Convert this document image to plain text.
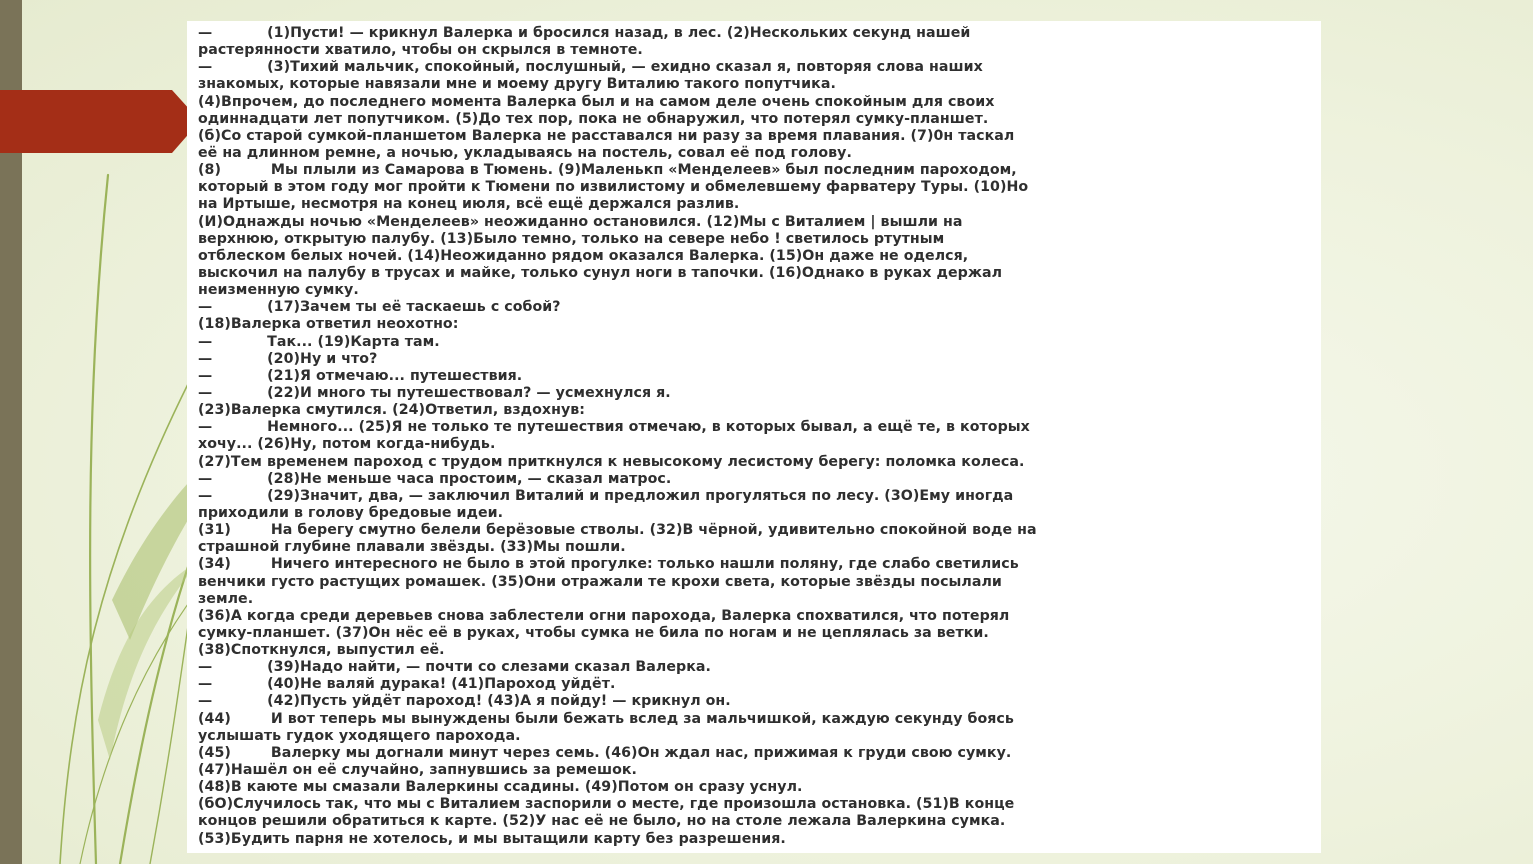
—           (1)Пусти! — крикнул Валерка и бросился назад, в лес. (2)Нескольких секунд нашей
растерянности хватило, чтобы он скрылся в темноте.
—           (3)Тихий мальчик, спокойный, послушный, — ехидно сказал я, повторяя слова наших
знакомых, которые навязали мне и моему другу Виталию такого попутчика.
(4)Впрочем, до последнего момента Валерка был и на самом деле очень спокойным для своих
одиннадцати лет попутчиком. (5)До тех пор, пока не обнаружил, что потерял сумку-планшет.
(б)Со старой сумкой-планшетом Валерка не расставался ни разу за время плавания. (7)0н таскал
её на длинном ремне, а ночью, укладываясь на постель, совал её под голову.
(8)          Мы плыли из Самарова в Тюмень. (9)Маленькп «Менделеев» был последним пароходом,
который в этом году мог пройти к Тюмени по извилистому и обмелевшему фарватеру Туры. (10)Но
на Иртыше, несмотря на конец июля, всё ещё держался разлив.
(И)Однажды ночью «Менделеев» неожиданно остановился. (12)Мы с Виталием | вышли на
верхнюю, открытую палубу. (13)Было темно, только на севере небо ! светилось ртутным
отблеском белых ночей. (14)Неожиданно рядом оказался Валерка. (15)Он даже не оделся,
выскочил на палубу в трусах и майке, только сунул ноги в тапочки. (16)Однако в руках держал
неизменную сумку.
—           (17)Зачем ты её таскаешь с собой?
(18)Валерка ответил неохотно:
—           Так... (19)Карта там.
—           (20)Ну и что?
—           (21)Я отмечаю... путешествия.
—           (22)И много ты путешествовал? — усмехнулся я.
(23)Валерка смутился. (24)Ответил, вздохнув:
—           Немного... (25)Я не только те путешествия отмечаю, в которых бывал, а ещё те, в которых
хочу... (26)Ну, потом когда-нибудь.
(27)Тем временем пароход с трудом приткнулся к невысокому лесистому берегу: поломка колеса.
—           (28)Не меньше часа простоим, — сказал матрос.
—           (29)Значит, два, — заключил Виталий и предложил прогуляться по лесу. (3О)Ему иногда
приходили в голову бредовые идеи.
(31)        На берегу смутно белели берёзовые стволы. (32)В чёрной, удивительно спокойной воде на
страшной глубине плавали звёзды. (33)Мы пошли.
(34)        Ничего интересного не было в этой прогулке: только нашли поляну, где слабо светились
венчики густо растущих ромашек. (35)Они отражали те крохи света, которые звёзды посылали
земле.
(36)А когда среди деревьев снова заблестели огни парохода, Валерка спохватился, что потерял
сумку-планшет. (37)Он нёс её в руках, чтобы сумка не била по ногам и не цеплялась за ветки.
(38)Споткнулся, выпустил её.
—           (39)Надо найти, — почти со слезами сказал Валерка.
—           (40)Не валяй дурака! (41)Пароход уйдёт.
—           (42)Пусть уйдёт пароход! (43)А я пойду! — крикнул он.
(44)        И вот теперь мы вынуждены были бежать вслед за мальчишкой, каждую секунду боясь
услышать гудок уходящего парохода.
(45)        Валерку мы догнали минут через семь. (46)Он ждал нас, прижимая к груди свою сумку.
(47)Нашёл он её случайно, запнувшись за ремешок.
(48)В каюте мы смазали Валеркины ссадины. (49)Потом он сразу уснул.
(бО)Случилось так, что мы с Виталием заспорили о месте, где произошла остановка. (51)В конце
концов решили обратиться к карте. (52)У нас её не было, но на столе лежала Валеркина сумка.
(53)Будить парня не хотелось, и мы вытащили карту без разрешения.
